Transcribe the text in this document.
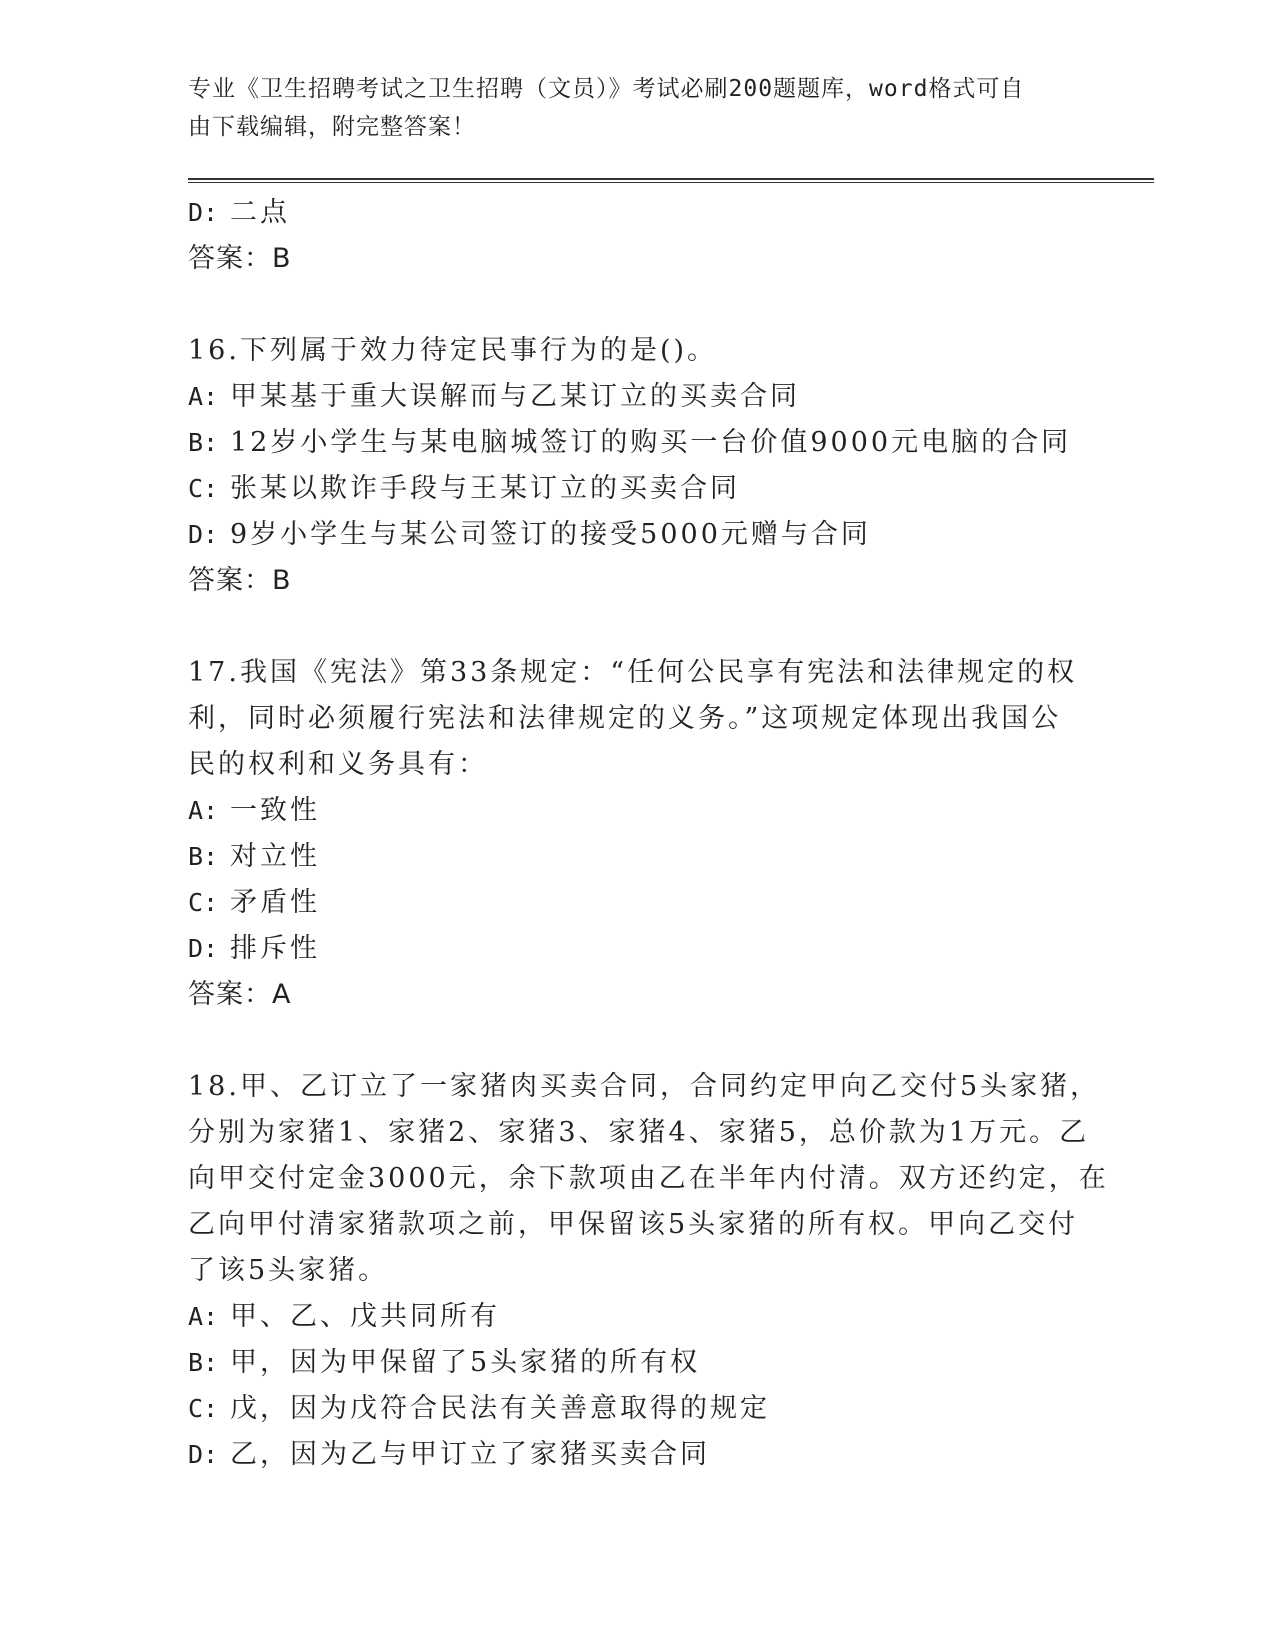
专业《卫生招聘考试之卫生招聘（文员）》考试必刷200题题库，word格式可自
由下载编辑，附完整答案！
D: 二点
答案：B
16.下列属于效力待定民事行为的是()。
A: 甲某基于重大误解而与乙某订立的买卖合同
B: 12岁小学生与某电脑城签订的购买一台价值9000元电脑的合同
C: 张某以欺诈手段与王某订立的买卖合同
D: 9岁小学生与某公司签订的接受5000元赠与合同
答案：B
17.我国《宪法》第33条规定：“任何公民享有宪法和法律规定的权
利，同时必须履行宪法和法律规定的义务。”这项规定体现出我国公
民的权利和义务具有：
A: 一致性
B: 对立性
C: 矛盾性
D: 排斥性
答案：A
18.甲、乙订立了一家猪肉买卖合同，合同约定甲向乙交付5头家猪，
分别为家猪1、家猪2、家猪3、家猪4、家猪5，总价款为1万元。乙
向甲交付定金3000元，余下款项由乙在半年内付清。双方还约定，在
乙向甲付清家猪款项之前，甲保留该5头家猪的所有权。甲向乙交付
了该5头家猪。
A: 甲、乙、戊共同所有
B: 甲，因为甲保留了5头家猪的所有权
C: 戊，因为戊符合民法有关善意取得的规定
D: 乙，因为乙与甲订立了家猪买卖合同
